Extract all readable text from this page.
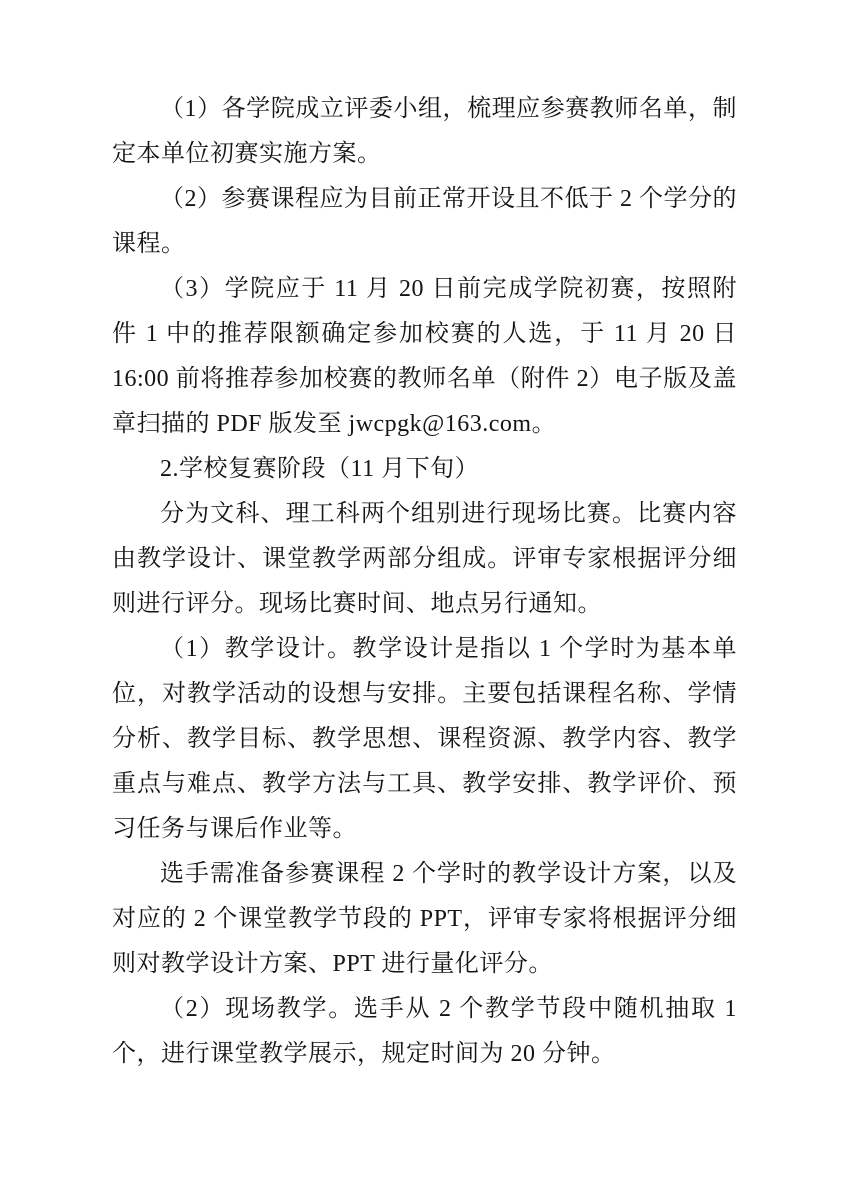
（1）各学院成立评委小组，梳理应参赛教师名单，制定本单位初赛实施方案。

（2）参赛课程应为目前正常开设且不低于 2 个学分的课程。

（3）学院应于 11 月 20 日前完成学院初赛，按照附件 1 中的推荐限额确定参加校赛的人选，于 11 月 20 日 16:00 前将推荐参加校赛的教师名单（附件 2）电子版及盖章扫描的 PDF 版发至 jwcpgk@163.com。

2.学校复赛阶段（11 月下旬）

分为文科、理工科两个组别进行现场比赛。比赛内容由教学设计、课堂教学两部分组成。评审专家根据评分细则进行评分。现场比赛时间、地点另行通知。

（1）教学设计。教学设计是指以 1 个学时为基本单位，对教学活动的设想与安排。主要包括课程名称、学情分析、教学目标、教学思想、课程资源、教学内容、教学重点与难点、教学方法与工具、教学安排、教学评价、预习任务与课后作业等。

选手需准备参赛课程 2 个学时的教学设计方案，以及对应的 2 个课堂教学节段的 PPT，评审专家将根据评分细则对教学设计方案、PPT 进行量化评分。

（2）现场教学。选手从 2 个教学节段中随机抽取 1 个，进行课堂教学展示，规定时间为 20 分钟。
